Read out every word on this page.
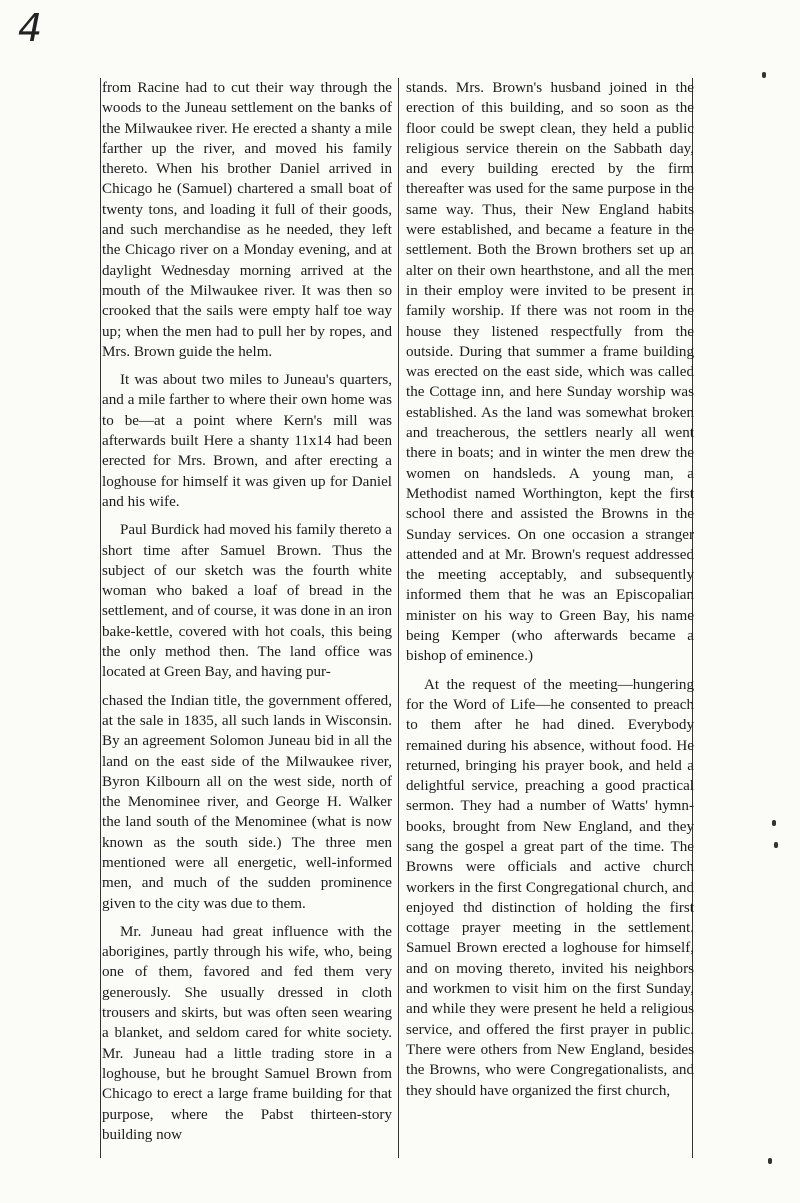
4

from Racine had to cut their way through the woods to the Juneau settlement on the banks of the Milwaukee river. He erected a shanty a mile farther up the river, and moved his family thereto. When his brother Daniel arrived in Chicago he (Samuel) chartered a small boat of twenty tons, and loading it full of their goods, and such merchandise as he needed, they left the Chicago river on a Monday evening, and at daylight Wednesday morning arrived at the mouth of the Milwaukee river. It was then so crooked that the sails were empty half toe way up; when the men had to pull her by ropes, and Mrs. Brown guide the helm.

It was about two miles to Juneau's quarters, and a mile farther to where their own home was to be—at a point where Kern's mill was afterwards built Here a shanty 11x14 had been erected for Mrs. Brown, and after erecting a loghouse for himself it was given up for Daniel and his wife.

Paul Burdick had moved his family thereto a short time after Samuel Brown. Thus the subject of our sketch was the fourth white woman who baked a loaf of bread in the settlement, and of course, it was done in an iron bake-kettle, covered with hot coals, this being the only method then. The land office was located at Green Bay, and having pur-

chased the Indian title, the government offered, at the sale in 1835, all such lands in Wisconsin. By an agreement Solomon Juneau bid in all the land on the east side of the Milwaukee river, Byron Kilbourn all on the west side, north of the Menominee river, and George H. Walker the land south of the Menominee (what is now known as the south side.) The three men mentioned were all energetic, well-informed men, and much of the sudden prominence given to the city was due to them.

Mr. Juneau had great influence with the aborigines, partly through his wife, who, being one of them, favored and fed them very generously. She usually dressed in cloth trousers and skirts, but was often seen wearing a blanket, and seldom cared for white society. Mr. Juneau had a little trading store in a loghouse, but he brought Samuel Brown from Chicago to erect a large frame building for that purpose, where the Pabst thirteen-story building now

stands. Mrs. Brown's husband joined in the erection of this building, and so soon as the floor could be swept clean, they held a public religious service therein on the Sabbath day, and every building erected by the firm thereafter was used for the same purpose in the same way. Thus, their New England habits were established, and became a feature in the settlement. Both the Brown brothers set up an alter on their own hearthstone, and all the men in their employ were invited to be present in family worship. If there was not room in the house they listened respectfully from the outside. During that summer a frame building was erected on the east side, which was called the Cottage inn, and here Sunday worship was established. As the land was somewhat broken and treacherous, the settlers nearly all went there in boats; and in winter the men drew the women on handsleds. A young man, a Methodist named Worthington, kept the first school there and assisted the Browns in the Sunday services. On one occasion a stranger attended and at Mr. Brown's request addressed the meeting acceptably, and subsequently informed them that he was an Episcopalian minister on his way to Green Bay, his name being Kemper (who afterwards became a bishop of eminence.)

At the request of the meeting—hungering for the Word of Life—he consented to preach to them after he had dined. Everybody remained during his absence, without food. He returned, bringing his prayer book, and held a delightful service, preaching a good practical sermon. They had a number of Watts' hymn-books, brought from New England, and they sang the gospel a great part of the time. The Browns were officials and active church workers in the first Congregational church, and enjoyed thd distinction of holding the first cottage prayer meeting in the settlement. Samuel Brown erected a loghouse for himself, and on moving thereto, invited his neighbors and workmen to visit him on the first Sunday, and while they were present he held a religious service, and offered the first prayer in public. There were others from New England, besides the Browns, who were Congregationalists, and they should have organized the first church,
